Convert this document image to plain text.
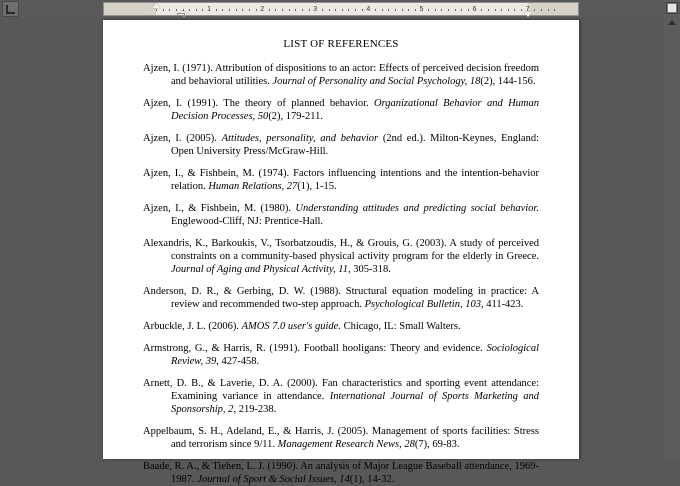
1	2	3	4	5	6	7
LIST OF REFERENCES
Ajzen, I. (1971). Attribution of dispositions to an actor: Effects of perceived decision freedom and behavioral utilities. Journal of Personality and Social Psychology, 18(2), 144-156.
Ajzen, I. (1991). The theory of planned behavior. Organizational Behavior and Human Decision Processes, 50(2), 179-211.
Ajzen, I. (2005). Attitudes, personality, and behavior (2nd ed.). Milton-Keynes, England: Open University Press/McGraw-Hill.
Ajzen, I., & Fishbein, M. (1974). Factors influencing intentions and the intention-behavior relation. Human Relations, 27(1), 1-15.
Ajzen, I., & Fishbein, M. (1980). Understanding attitudes and predicting social behavior. Englewood-Cliff, NJ: Prentice-Hall.
Alexandris, K., Barkoukis, V., Tsorbatzoudis, H., & Grouis, G. (2003). A study of perceived constraints on a community-based physical activity program for the elderly in Greece. Journal of Aging and Physical Activity, 11, 305-318.
Anderson, D. R., & Gerbing, D. W. (1988). Structural equation modeling in practice: A review and recommended two-step approach. Psychological Bulletin, 103, 411-423.
Arbuckle, J. L. (2006). AMOS 7.0 user's guide. Chicago, IL: Small Walters.
Armstrong, G., & Harris, R. (1991). Football hooligans: Theory and evidence. Sociological Review, 39, 427-458.
Arnett, D. B., & Laverie, D. A. (2000). Fan characteristics and sporting event attendance: Examining variance in attendance. International Journal of Sports Marketing and Sponsorship, 2, 219-238.
Appelbaum, S. H., Adeland, E., & Harris, J. (2005). Management of sports facilities: Stress and terrorism since 9/11. Management Research News, 28(7), 69-83.
Baade, R. A., & Tiehen, L. J. (1990). An analysis of Major League Baseball attendance, 1969-1987. Journal of Sport & Social Issues, 14(1), 14-32.
